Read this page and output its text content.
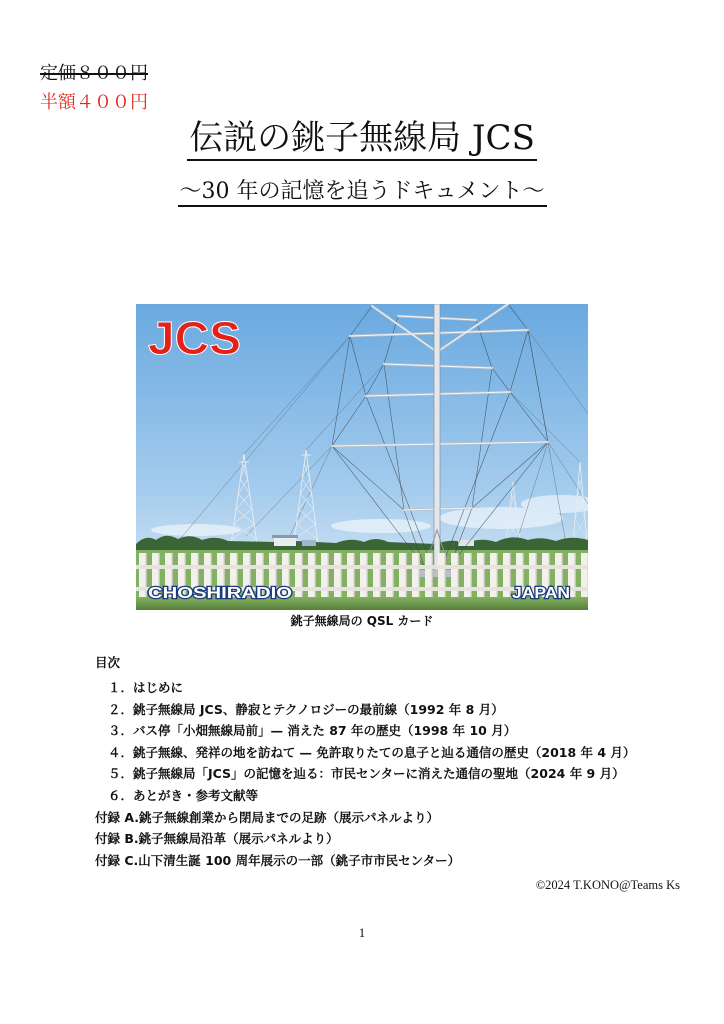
定価８００円
半額４００円
伝説の銚子無線局 JCS
〜30 年の記憶を追うドキュメント〜
JCS
CHOSHIRADIO	JAPAN
銚子無線局の QSL カード
目次
１．はじめに
２．銚子無線局 JCS、静寂とテクノロジーの最前線（1992 年 8 月）
３．バス停「小畑無線局前」— 消えた 87 年の歴史（1998 年 10 月）
４．銚子無線、発祥の地を訪ねて — 免許取りたての息子と辿る通信の歴史（2018 年 4 月）
５．銚子無線局「JCS」の記憶を辿る：市民センターに消えた通信の聖地（2024 年 9 月）
６．あとがき・参考文献等
付録 A.銚子無線創業から閉局までの足跡（展示パネルより）
付録 B.銚子無線局沿革（展示パネルより）
付録 C.山下清生誕 100 周年展示の一部（銚子市市民センター）
©2024 T.KONO@Teams Ks
1
